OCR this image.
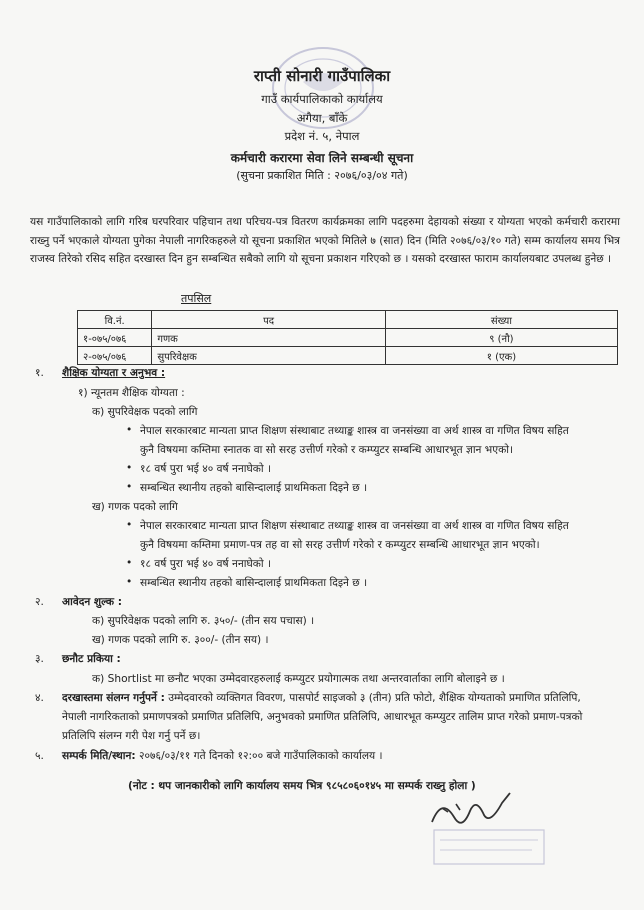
राप्ती सोनारी गाउँपालिका
गाउँ कार्यपालिकाको कार्यालय
अगैया, बाँके
प्रदेश नं. ५, नेपाल
कर्मचारी करारमा सेवा लिने सम्बन्धी सूचना
(सुचना प्रकाशित मिति : २०७६/०३/०४ गते)
यस गाउँपालिकाको लागि गरिब घरपरिवार पहिचान तथा परिचय-पत्र वितरण कार्यक्रमका लागि पदहरुमा देहायको संख्या र योग्यता भएको कर्मचारी करारमा राख्नु पर्ने भएकाले योग्यता पुगेका नेपाली नागरिकहरुले यो सूचना प्रकाशित भएको मितिले ७ (सात) दिन (मिति २०७६/०३/१० गते) सम्म कार्यालय समय भित्र राजस्व तिरेको रसिद सहित दरखास्त दिन हुन सम्बन्धित सबैको लागि यो सूचना प्रकाशन गरिएको छ । यसको दरखास्त फाराम कार्यालयबाट उपलब्ध हुनेछ ।
तपसिल
वि.नं.	पद	संख्या
१-०७५/०७६	गणक	९ (नौ)
२-०७५/०७६	सुपरिवेक्षक	१ (एक)
१. शैक्षिक योग्यता र अनुभव :
१) न्यूनतम शैक्षिक योग्यता :
क) सुपरिवेक्षक पदको लागि
• नेपाल सरकारबाट मान्यता प्राप्त शिक्षण संस्थाबाट तथ्याङ्क शास्त्र वा जनसंख्या वा अर्थ शास्त्र वा गणित विषय सहित
कुनै विषयमा कम्तिमा स्नातक वा सो सरह उत्तीर्ण गरेको र कम्प्युटर सम्बन्धि आधारभूत ज्ञान भएको।
• १८ वर्ष पुरा भई ४० वर्ष ननाघेको ।
• सम्बन्धित स्थानीय तहको बासिन्दालाई प्राथमिकता दिइने छ ।
ख) गणक पदको लागि
• नेपाल सरकारबाट मान्यता प्राप्त शिक्षण संस्थाबाट तथ्याङ्क शास्त्र वा जनसंख्या वा अर्थ शास्त्र वा गणित विषय सहित
कुनै विषयमा कम्तिमा प्रमाण-पत्र तह वा सो सरह उत्तीर्ण गरेको र कम्प्युटर सम्बन्धि आधारभूत ज्ञान भएको।
• १८ वर्ष पुरा भई ४० वर्ष ननाघेको ।
• सम्बन्धित स्थानीय तहको बासिन्दालाई प्राथमिकता दिइने छ ।
२. आवेदन शुल्क :
क) सुपरिवेक्षक पदको लागि रु. ३५०/- (तीन सय पचास) ।
ख) गणक पदको लागि रु. ३००/- (तीन सय) ।
३. छनौट प्रकिया :
क) Shortlist मा छनौट भएका उम्मेदवारहरुलाई कम्प्युटर प्रयोगात्मक तथा अन्तरवार्ताका लागि बोलाइने छ ।
४. दरखास्तमा संलग्न गर्नुपर्ने : उम्मेदवारको व्यक्तिगत विवरण, पासपोर्ट साइजको ३ (तीन) प्रति फोटो, शैक्षिक योग्यताको प्रमाणित प्रतिलिपि,
नेपाली नागरिकताको प्रमाणपत्रको प्रमाणित प्रतिलिपि, अनुभवको प्रमाणित प्रतिलिपि, आधारभूत कम्प्युटर तालिम प्राप्त गरेको प्रमाण-पत्रको
प्रतिलिपि संलग्न गरी पेश गर्नु पर्ने छ।
५. सम्पर्क मिति/स्थान: २०७६/०३/११ गते दिनको १२:०० बजे गाउँपालिकाको कार्यालय ।
(नोट : थप जानकारीको लागि कार्यालय समय भित्र ९८५८०६०१४५ मा सम्पर्क राख्नु होला )
